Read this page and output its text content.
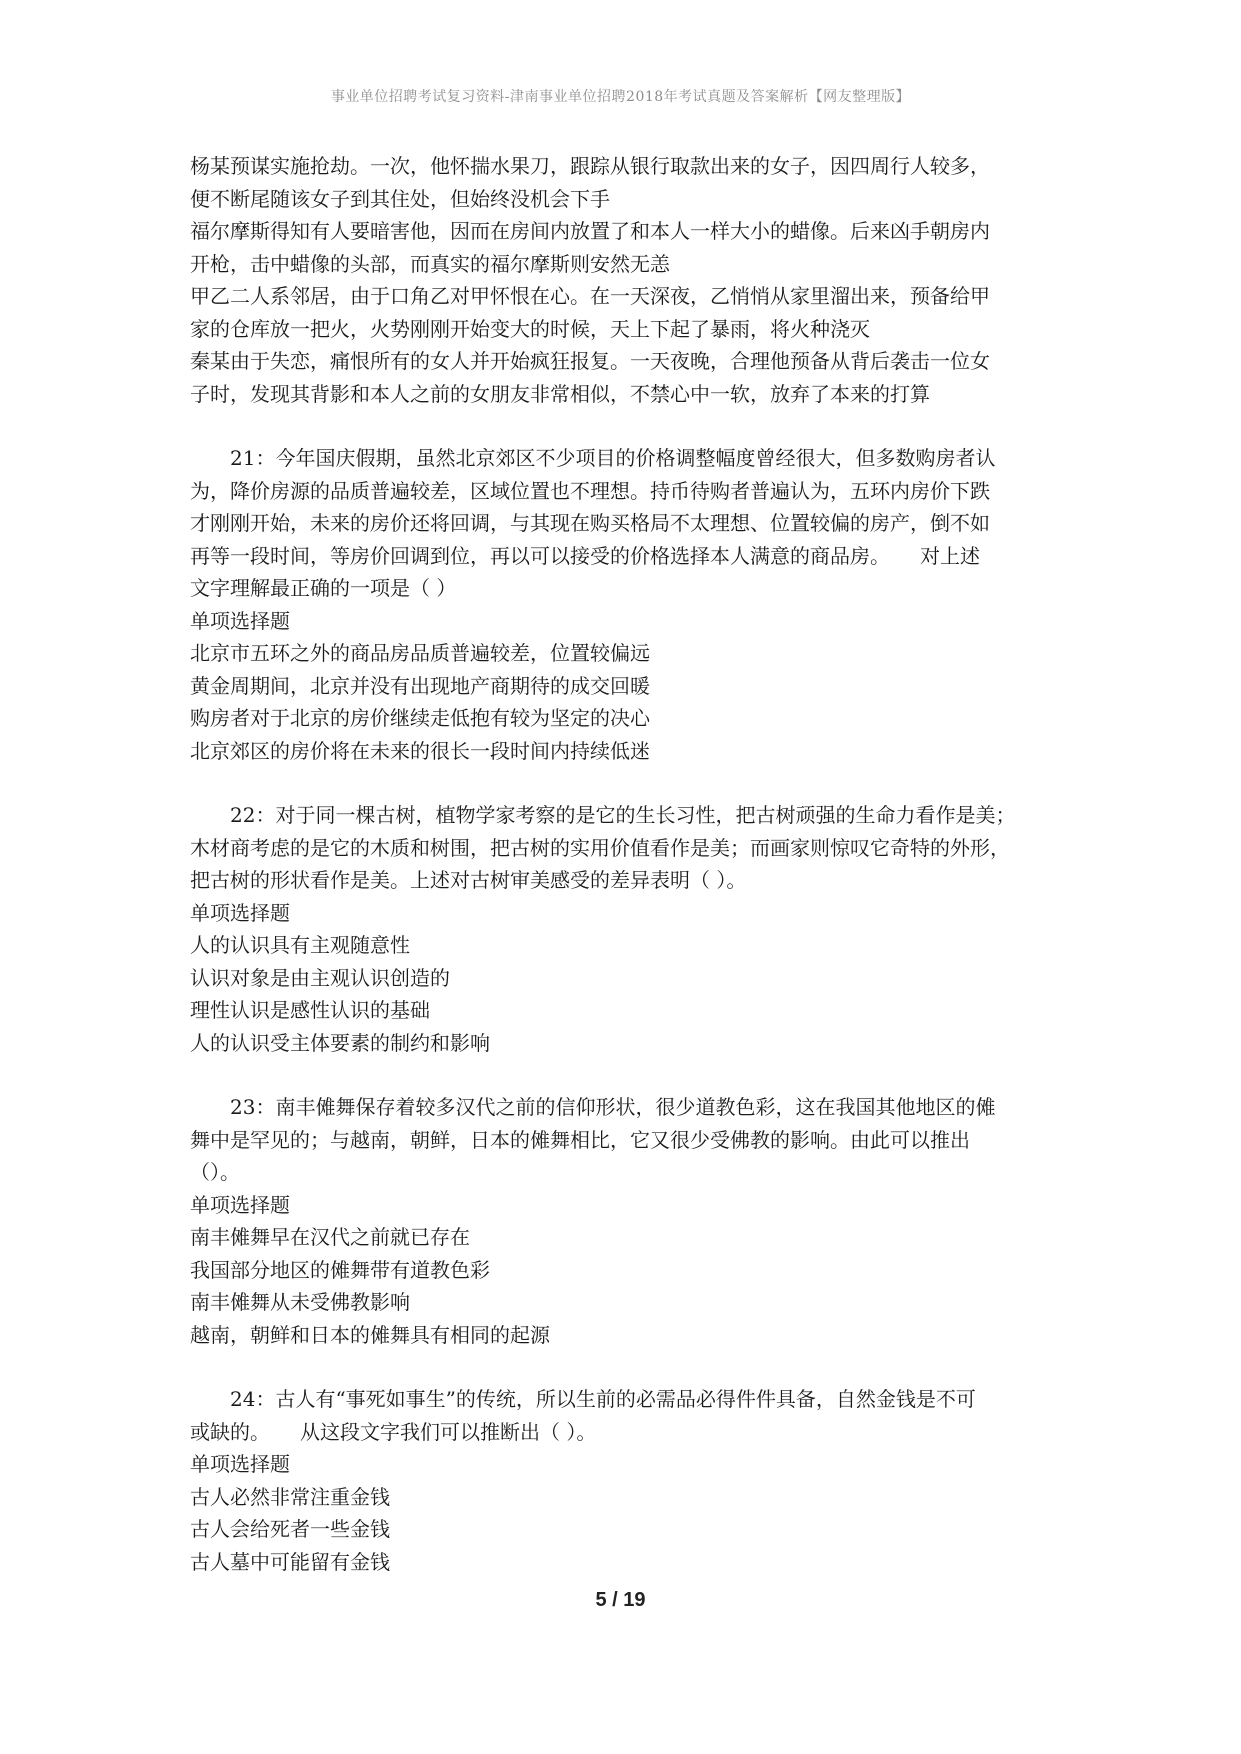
事业单位招聘考试复习资料-津南事业单位招聘2018年考试真题及答案解析【网友整理版】
杨某预谋实施抢劫。一次，他怀揣水果刀，跟踪从银行取款出来的女子，因四周行人较多，
便不断尾随该女子到其住处，但始终没机会下手
福尔摩斯得知有人要暗害他，因而在房间内放置了和本人一样大小的蜡像。后来凶手朝房内
开枪，击中蜡像的头部，而真实的福尔摩斯则安然无恙
甲乙二人系邻居，由于口角乙对甲怀恨在心。在一天深夜，乙悄悄从家里溜出来，预备给甲
家的仓库放一把火，火势刚刚开始变大的时候，天上下起了暴雨，将火种浇灭
秦某由于失恋，痛恨所有的女人并开始疯狂报复。一天夜晚，合理他预备从背后袭击一位女
子时，发现其背影和本人之前的女朋友非常相似，不禁心中一软，放弃了本来的打算
21：今年国庆假期，虽然北京郊区不少项目的价格调整幅度曾经很大，但多数购房者认
为，降价房源的品质普遍较差，区域位置也不理想。持币待购者普遍认为，五环内房价下跌
才刚刚开始，未来的房价还将回调，与其现在购买格局不太理想、位置较偏的房产，倒不如
再等一段时间，等房价回调到位，再以可以接受的价格选择本人满意的商品房。　　对上述
文字理解最正确的一项是（ ）
单项选择题
北京市五环之外的商品房品质普遍较差，位置较偏远
黄金周期间，北京并没有出现地产商期待的成交回暖
购房者对于北京的房价继续走低抱有较为坚定的决心
北京郊区的房价将在未来的很长一段时间内持续低迷
22：对于同一棵古树，植物学家考察的是它的生长习性，把古树顽强的生命力看作是美；
木材商考虑的是它的木质和树围，把古树的实用价值看作是美；而画家则惊叹它奇特的外形，
把古树的形状看作是美。上述对古树审美感受的差异表明（ ）。
单项选择题
人的认识具有主观随意性
认识对象是由主观认识创造的
理性认识是感性认识的基础
人的认识受主体要素的制约和影响
23：南丰傩舞保存着较多汉代之前的信仰形状，很少道教色彩，这在我国其他地区的傩
舞中是罕见的；与越南，朝鲜，日本的傩舞相比，它又很少受佛教的影响。由此可以推出
（）。
单项选择题
南丰傩舞早在汉代之前就已存在
我国部分地区的傩舞带有道教色彩
南丰傩舞从未受佛教影响
越南，朝鲜和日本的傩舞具有相同的起源
24：古人有“事死如事生”的传统，所以生前的必需品必得件件具备，自然金钱是不可
或缺的。　　从这段文字我们可以推断出（ ）。
单项选择题
古人必然非常注重金钱
古人会给死者一些金钱
古人墓中可能留有金钱
5 / 19
